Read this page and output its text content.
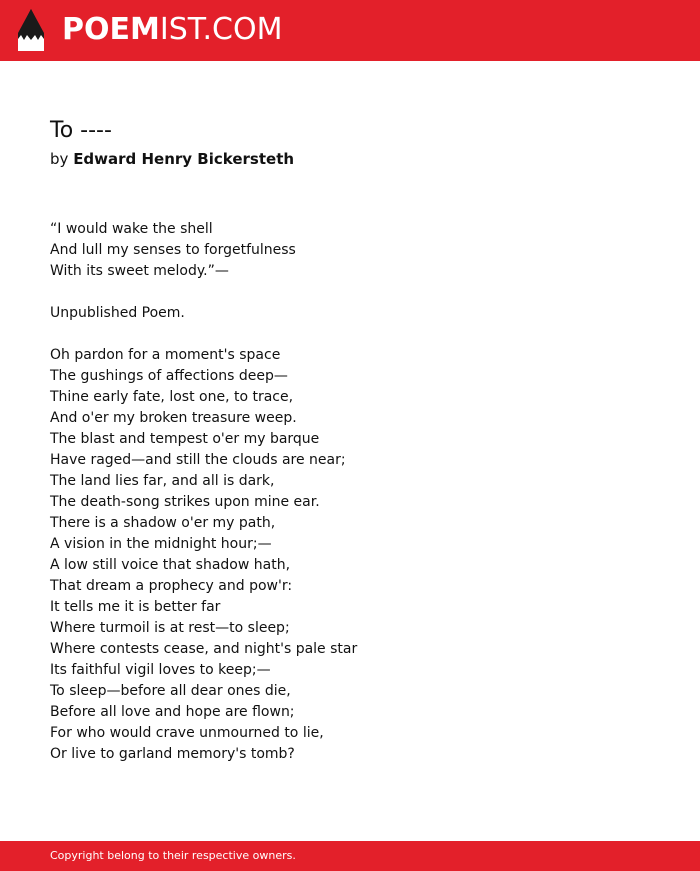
POEMIST.COM
To ----
by Edward Henry Bickersteth
“I would wake the shell
And lull my senses to forgetfulness
With its sweet melody.”—
Unpublished Poem.
Oh pardon for a moment's space
The gushings of affections deep—
Thine early fate, lost one, to trace,
And o'er my broken treasure weep.
The blast and tempest o'er my barque
Have raged—and still the clouds are near;
The land lies far, and all is dark,
The death-song strikes upon mine ear.
There is a shadow o'er my path,
A vision in the midnight hour;—
A low still voice that shadow hath,
That dream a prophecy and pow'r:
It tells me it is better far
Where turmoil is at rest—to sleep;
Where contests cease, and night's pale star
Its faithful vigil loves to keep;—
To sleep—before all dear ones die,
Before all love and hope are flown;
For who would crave unmourned to lie,
Or live to garland memory's tomb?
Copyright belong to their respective owners.
